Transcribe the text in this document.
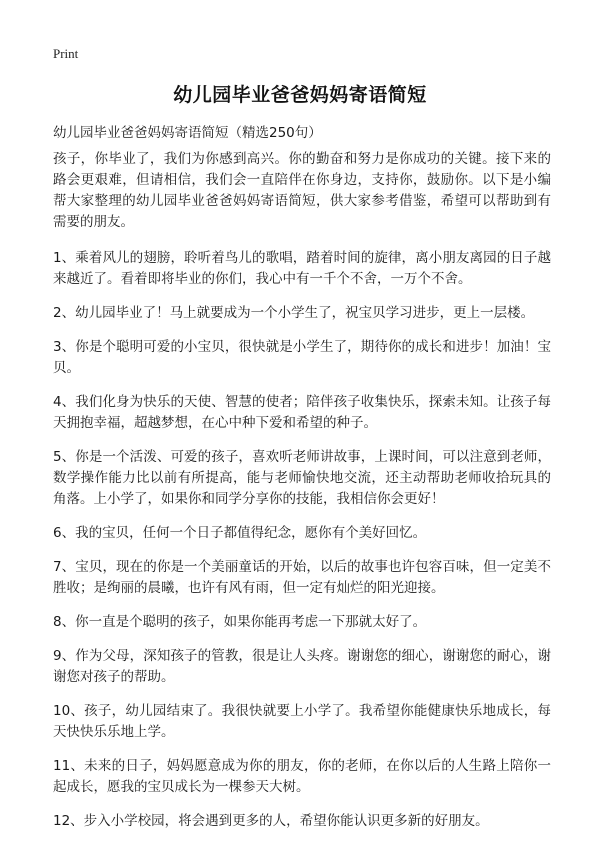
Print
幼儿园毕业爸爸妈妈寄语简短
幼儿园毕业爸爸妈妈寄语简短（精选250句）

孩子，你毕业了，我们为你感到高兴。你的勤奋和努力是你成功的关键。接下来的路会更艰难，但请相信，我们会一直陪伴在你身边，支持你，鼓励你。以下是小编帮大家整理的幼儿园毕业爸爸妈妈寄语简短，供大家参考借鉴，希望可以帮助到有需要的朋友。

1、乘着风儿的翅膀，聆听着鸟儿的歌唱，踏着时间的旋律，离小朋友离园的日子越来越近了。看着即将毕业的你们，我心中有一千个不舍，一万个不舍。

2、幼儿园毕业了！马上就要成为一个小学生了，祝宝贝学习进步，更上一层楼。

3、你是个聪明可爱的小宝贝，很快就是小学生了，期待你的成长和进步！加油！宝贝。

4、我们化身为快乐的天使、智慧的使者；陪伴孩子收集快乐，探索未知。让孩子每天拥抱幸福，超越梦想，在心中种下爱和希望的种子。

5、你是一个活泼、可爱的孩子，喜欢听老师讲故事，上课时间，可以注意到老师，数学操作能力比以前有所提高，能与老师愉快地交流，还主动帮助老师收拾玩具的角落。上小学了，如果你和同学分享你的技能，我相信你会更好！

6、我的宝贝，任何一个日子都值得纪念，愿你有个美好回忆。

7、宝贝，现在的你是一个美丽童话的开始，以后的故事也许包容百味，但一定美不胜收；是绚丽的晨曦，也许有风有雨，但一定有灿烂的阳光迎接。

8、你一直是个聪明的孩子，如果你能再考虑一下那就太好了。

9、作为父母，深知孩子的管教，很是让人头疼。谢谢您的细心，谢谢您的耐心，谢谢您对孩子的帮助。

10、孩子，幼儿园结束了。我很快就要上小学了。我希望你能健康快乐地成长，每天快快乐乐地上学。

11、未来的日子，妈妈愿意成为你的朋友，你的老师，在你以后的人生路上陪你一起成长，愿我的宝贝成长为一棵参天大树。

12、步入小学校园，将会遇到更多的人，希望你能认识更多新的好朋友。
